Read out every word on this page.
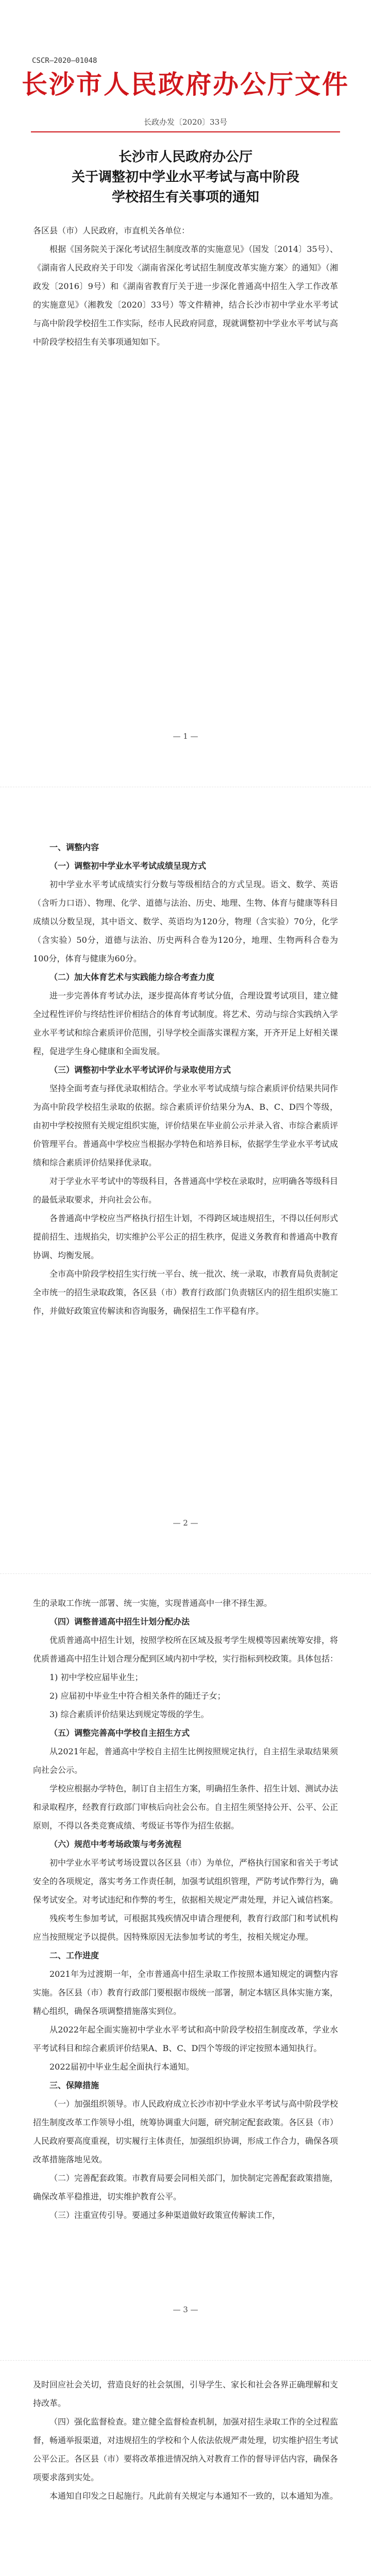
CSCR—2020—01048
长沙市人民政府办公厅文件
长政办发〔2020〕33号
长沙市人民政府办公厅
关于调整初中学业水平考试与高中阶段
学校招生有关事项的通知

各区县（市）人民政府，市直机关各单位：

根据《国务院关于深化考试招生制度改革的实施意见》（国发〔2014〕35号）、《湖南省人民政府关于印发〈湖南省深化考试招生制度改革实施方案〉的通知》（湘政发〔2016〕9号）和《湖南省教育厅关于进一步深化普通高中招生入学工作改革的实施意见》（湘教发〔2020〕33号）等文件精神，结合长沙市初中学业水平考试与高中阶段学校招生工作实际，经市人民政府同意，现就调整初中学业水平考试与高中阶段学校招生有关事项通知如下。

— 1 —

一、调整内容

（一）调整初中学业水平考试成绩呈现方式

初中学业水平考试成绩实行分数与等级相结合的方式呈现。语文、数学、英语（含听力口语）、物理、化学、道德与法治、历史、地理、生物、体育与健康等科目成绩以分数呈现，其中语文、数学、英语均为120分，物理（含实验）70分，化学（含实验）50分，道德与法治、历史两科合卷为120分，地理、生物两科合卷为100分，体育与健康为60分。

（二）加大体育艺术与实践能力综合考查力度

进一步完善体育考试办法，逐步提高体育考试分值，合理设置考试项目，建立健全过程性评价与终结性评价相结合的体育考试制度。将艺术、劳动与综合实践纳入学业水平考试和综合素质评价范围，引导学校全面落实课程方案，开齐开足上好相关课程，促进学生身心健康和全面发展。

（三）调整初中学业水平考试评价与录取使用方式

坚持全面考查与择优录取相结合。学业水平考试成绩与综合素质评价结果共同作为高中阶段学校招生录取的依据。综合素质评价结果分为A、B、C、D四个等级，由初中学校按照有关规定组织实施，评价结果在毕业前公示并录入省、市综合素质评价管理平台。普通高中学校应当根据办学特色和培养目标，依据学生学业水平考试成绩和综合素质评价结果择优录取。

对于学业水平考试中的等级科目，各普通高中学校在录取时，应明确各等级科目的最低录取要求，并向社会公布。

各普通高中学校应当严格执行招生计划，不得跨区域违规招生，不得以任何形式提前招生、违规掐尖，切实维护公平公正的招生秩序，促进义务教育和普通高中教育协调、均衡发展。

全市高中阶段学校招生实行统一平台、统一批次、统一录取，市教育局负责制定全市统一的招生录取政策，各区县（市）教育行政部门负责辖区内的招生组织实施工作，并做好政策宣传解读和咨询服务，确保招生工作平稳有序。

— 2 —

生的录取工作统一部署、统一实施，实现普通高中一律不择生源。

（四）调整普通高中招生计划分配办法

优质普通高中招生计划，按照学校所在区域及报考学生规模等因素统筹安排，将优质普通高中招生计划合理分配到区域内初中学校，实行指标到校政策。具体包括：

1) 初中学校应届毕业生；

2) 应届初中毕业生中符合相关条件的随迁子女；

3) 综合素质评价结果达到规定等级的学生。

（五）调整完善高中学校自主招生方式

从2021年起，普通高中学校自主招生比例按照规定执行，自主招生录取结果须向社会公示。

学校应根据办学特色，制订自主招生方案，明确招生条件、招生计划、测试办法和录取程序，经教育行政部门审核后向社会公布。自主招生须坚持公开、公平、公正原则，不得以各类竞赛成绩、考级证书等作为招生依据。

（六）规范中考考场政策与考务流程

初中学业水平考试考场设置以各区县（市）为单位，严格执行国家和省关于考试安全的各项规定，落实考务工作责任制，加强考试组织管理，严防考试作弊行为，确保考试安全。对考试违纪和作弊的考生，依据相关规定严肃处理，并记入诚信档案。

残疾考生参加考试，可根据其残疾情况申请合理便利，教育行政部门和考试机构应当按照规定予以提供。因特殊原因无法参加考试的考生，按相关规定办理。

二、工作进度

2021年为过渡期一年，全市普通高中招生录取工作按照本通知规定的调整内容实施。各区县（市）教育行政部门要根据市级统一部署，制定本辖区具体实施方案，精心组织，确保各项调整措施落实到位。

从2022年起全面实施初中学业水平考试和高中阶段学校招生制度改革，学业水平考试科目和综合素质评价结果A、B、C、D四个等级的评定按照本通知执行。

2022届初中毕业生起全面执行本通知。

三、保障措施

（一）加强组织领导。市人民政府成立长沙市初中学业水平考试与高中阶段学校招生制度改革工作领导小组，统筹协调重大问题，研究制定配套政策。各区县（市）人民政府要高度重视，切实履行主体责任，加强组织协调，形成工作合力，确保各项改革措施落地见效。

（二）完善配套政策。市教育局要会同相关部门，加快制定完善配套政策措施，确保改革平稳推进，切实维护教育公平。

（三）注重宣传引导。要通过多种渠道做好政策宣传解读工作，

— 3 —

及时回应社会关切，营造良好的社会氛围，引导学生、家长和社会各界正确理解和支持改革。

（四）强化监督检查。建立健全监督检查机制，加强对招生录取工作的全过程监督，畅通举报渠道，对违规招生的学校和个人依法依规严肃处理，切实维护招生考试公平公正。各区县（市）要将改革推进情况纳入对教育工作的督导评估内容，确保各项要求落到实处。

本通知自印发之日起施行。凡此前有关规定与本通知不一致的，以本通知为准。
